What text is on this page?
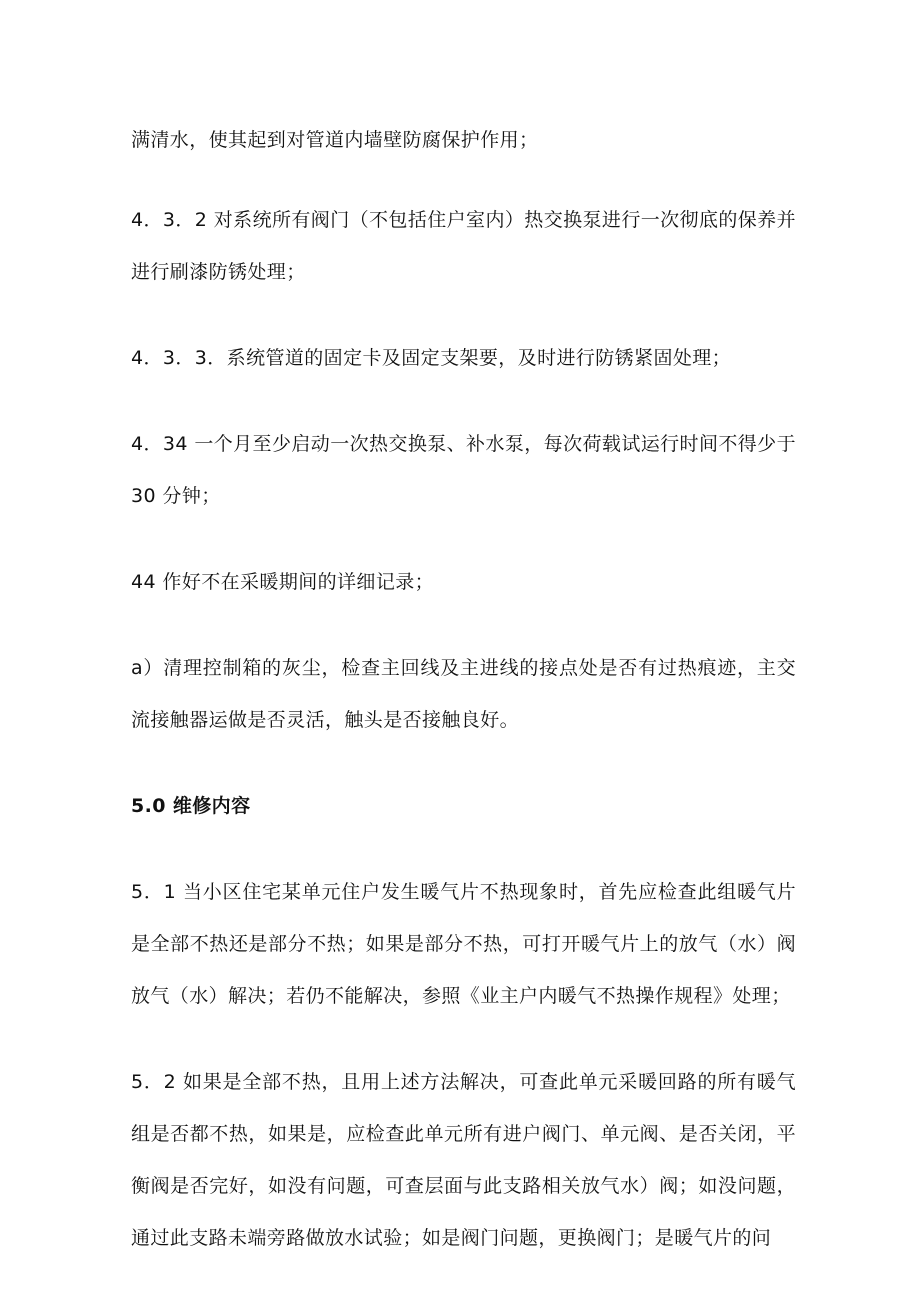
满清水，使其起到对管道内墙壁防腐保护作用；

4．3．2 对系统所有阀门（不包括住户室内）热交换泵进行一次彻底的保养并进行刷漆防锈处理；

4．3．3．系统管道的固定卡及固定支架要，及时进行防锈紧固处理；

4．34 一个月至少启动一次热交换泵、补水泵，每次荷载试运行时间不得少于 30 分钟；

44 作好不在采暖期间的详细记录；

a）清理控制箱的灰尘，检查主回线及主进线的接点处是否有过热痕迹，主交流接触器运做是否灵活，触头是否接触良好。

5.0 维修内容

5．1 当小区住宅某单元住户发生暖气片不热现象时，首先应检查此组暖气片是全部不热还是部分不热；如果是部分不热，可打开暖气片上的放气（水）阀放气（水）解决；若仍不能解决，参照《业主户内暖气不热操作规程》处理；

5．2 如果是全部不热，且用上述方法解决，可查此单元采暖回路的所有暖气组是否都不热，如果是，应检查此单元所有进户阀门、单元阀、是否关闭，平衡阀是否完好，如没有问题，可查层面与此支路相关放气水）阀；如没问题，通过此支路未端旁路做放水试验；如是阀门问题，更换阀门；是暖气片的问
